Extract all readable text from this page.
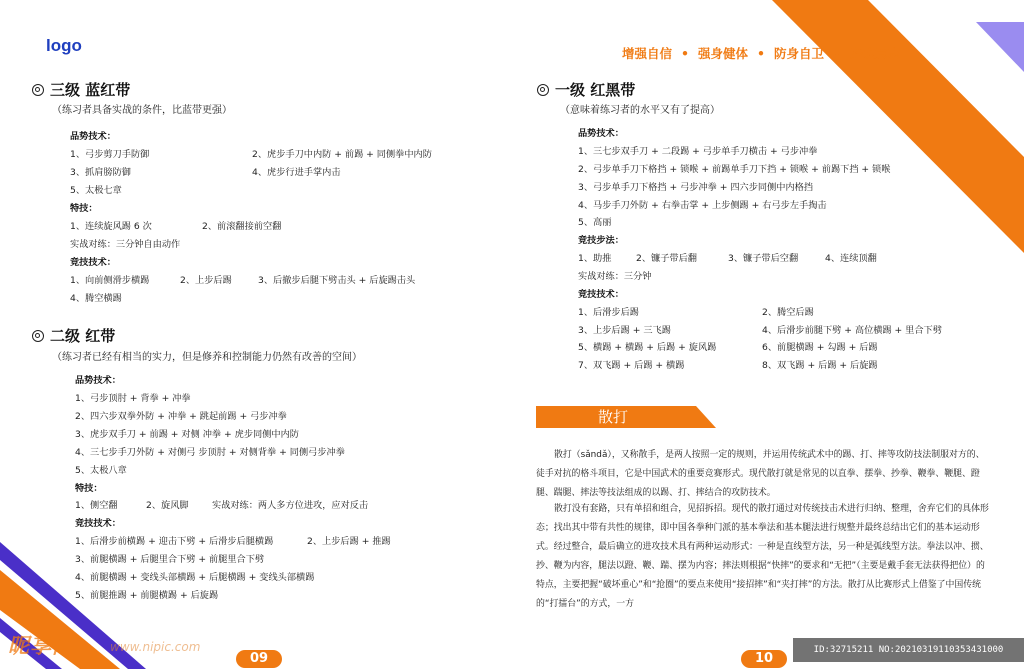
logo	增强自信 • 强身健体 • 防身自卫 • 磨炼意志
三级 蓝红带
（练习者具备实战的条件，比蓝带更强）
品势技术：
1、弓步剪刀手防御	2、虎步手刀中内防 + 前踢 + 同侧拳中内防
3、抓肩膀防御	4、虎步行进手掌内击
5、太极七章
特技：
1、连续旋风踢 6 次	2、前滚翻接前空翻
实战对练：三分钟自由动作
竞技技术：
1、向前侧滑步横踢	2、上步后踢	3、后撤步后腿下劈击头 + 后旋踢击头
4、腾空横踢
二级 红带
（练习者已经有相当的实力，但是修养和控制能力仍然有改善的空间）
品势技术：
1、弓步顶肘 + 背拳 + 冲拳
2、四六步双拳外防 + 冲拳 + 跳起前踢 + 弓步冲拳
3、虎步双手刀 + 前踢 + 对侧 冲拳 + 虎步同侧中内防
4、三七步手刀外防 + 对侧弓 步顶肘 + 对侧背拳 + 同侧弓步冲拳
5、太极八章
特技：
1、侧空翻	2、旋风脚	实战对练：两人多方位进攻，应对反击
竞技技术：
1、后滑步前横踢 + 迎击下劈 + 后滑步后腿横踢	2、上步后踢 + 推踢
3、前腿横踢 + 后腿里合下劈 + 前腿里合下劈
4、前腿横踢 + 变线头部横踢 + 后腿横踢 + 变线头部横踢
5、前腿推踢 + 前腿横踢 + 后旋踢
一级 红黑带
（意味着练习者的水平又有了提高）
品势技术：
1、三七步双手刀 + 二段踢 + 弓步单手刀横击 + 弓步冲拳
2、弓步单手刀下格挡 + 锁喉 + 前踢单手刀下挡 + 锁喉 + 前踢下挡 + 锁喉
3、弓步单手刀下格挡 + 弓步冲拳 + 四六步同侧中内格挡
4、马步手刀外防 + 右拳击掌 + 上步侧踢 + 右弓步左手掏击
5、高丽
竞技步法：
1、助推	2、镰子带后翻	3、镰子带后空翻	4、连续顶翻
实战对练：三分钟
竞技技术：
1、后滑步后踢	2、腾空后踢
3、上步后踢 + 三飞踢	4、后滑步前腿下劈 + 高位横踢 + 里合下劈
5、横踢 + 横踢 + 后踢 + 旋风踢	6、前腿横踢 + 勾踢 + 后踢
7、双飞踢 + 后踢 + 横踢	8、双飞踢 + 后踢 + 后旋踢
散打
散打（sǎndǎ），又称散手，是两人按照一定的规则，并运用传统武术中的踢、打、摔等攻防技法制服对方的、徒手对抗的格斗项目，它是中国武术的重要竞赛形式。现代散打就是常见的以直拳、摆拳、抄拳、鞭拳、鞭腿、蹬腿、踹腿、摔法等技法组成的以踢、打、摔结合的攻防技术。
散打没有套路，只有单招和组合，见招拆招。现代的散打通过对传统技击术进行归纳、整理，舍弃它们的具体形态；找出其中带有共性的规律，即中国各拳种门派的基本拳法和基本腿法进行规整并最终总结出它们的基本运动形式。经过整合，最后确立的进攻技术具有两种运动形式：一种是直线型方法，另一种是弧线型方法。拳法以冲、掼、抄、鞭为内容，腿法以蹬、鞭、踹、摆为内容；摔法则根据“快摔”的要求和“无把”（主要是戴手套无法获得把位）的特点，主要把握“破坏重心”和“抢圈”的要点来使用“接招摔”和“夹打摔”的方法。散打从比赛形式上借鉴了中国传统的“打擂台”的方式，一方
09	10
昵享网	www.nipic.com	ID:32715211 NO:20210319110353431000
